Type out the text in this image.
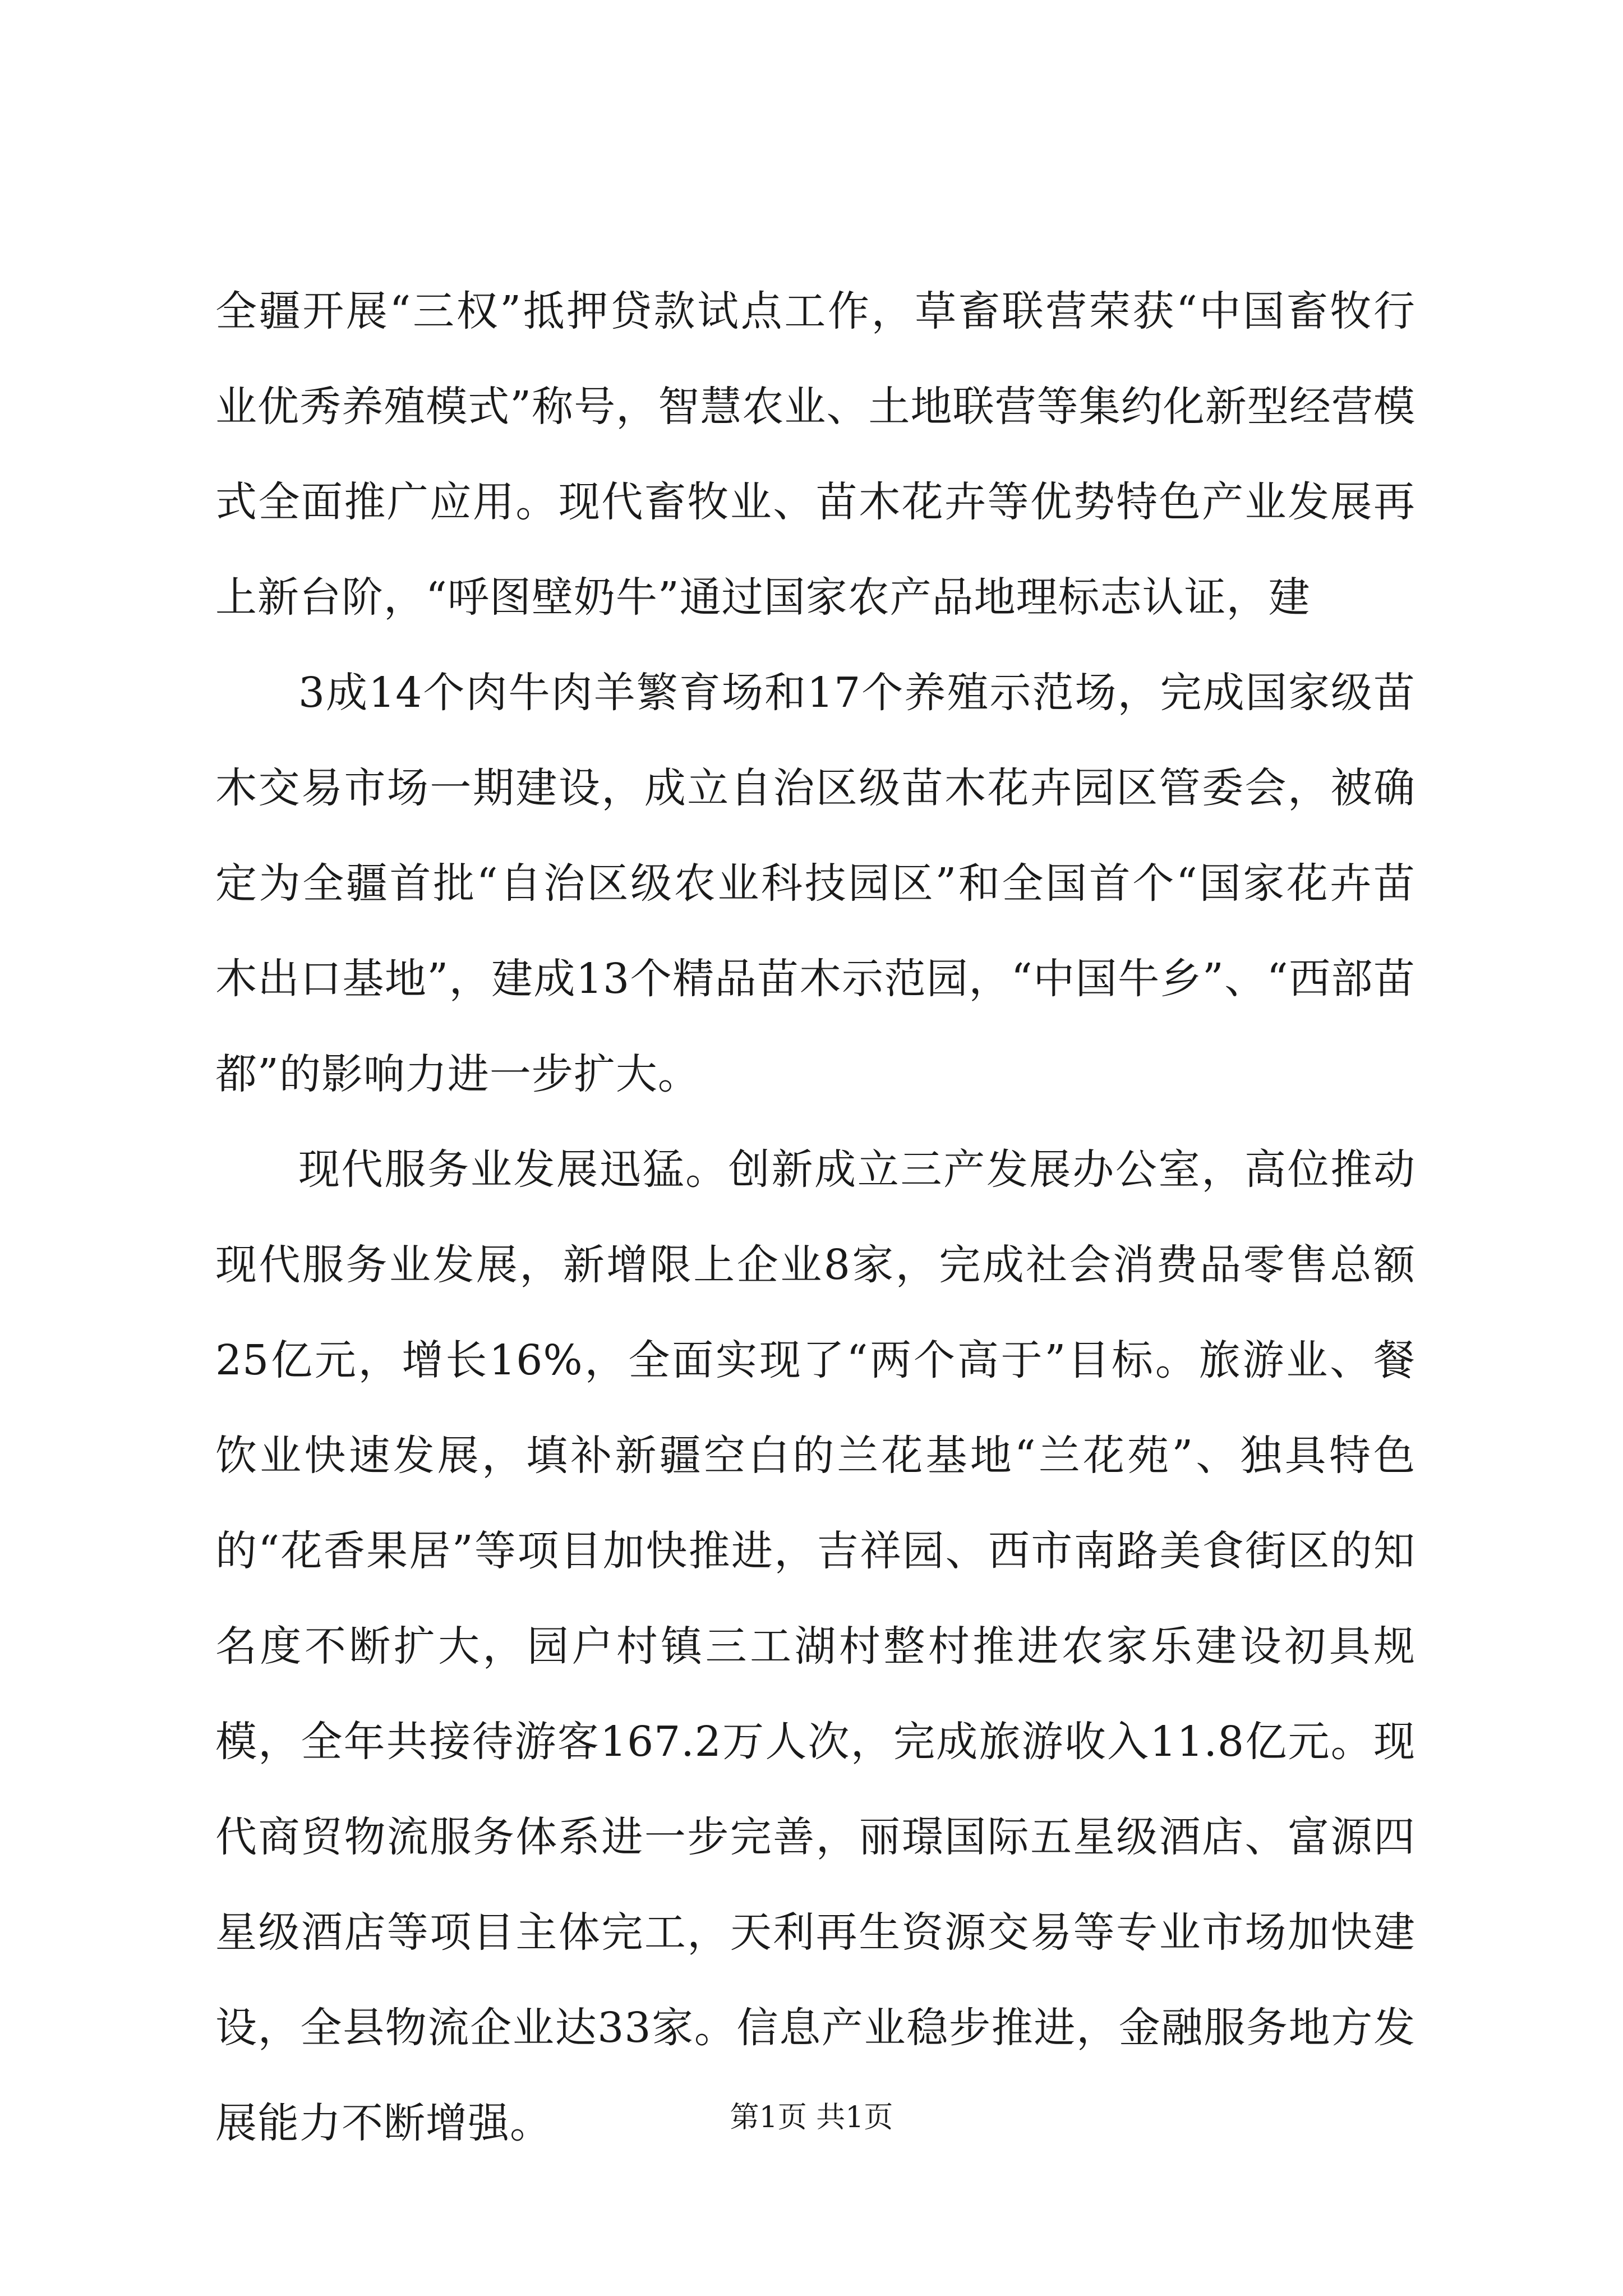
全疆开展“三权”抵押贷款试点工作，草畜联营荣获“中国畜牧行业优秀养殖模式”称号，智慧农业、土地联营等集约化新型经营模式全面推广应用。现代畜牧业、苗木花卉等优势特色产业发展再上新台阶，“呼图壁奶牛”通过国家农产品地理标志认证，建

3成14个肉牛肉羊繁育场和17个养殖示范场，完成国家级苗木交易市场一期建设，成立自治区级苗木花卉园区管委会，被确定为全疆首批“自治区级农业科技园区”和全国首个“国家花卉苗木出口基地”，建成13个精品苗木示范园，“中国牛乡”、“西部苗都”的影响力进一步扩大。

现代服务业发展迅猛。创新成立三产发展办公室，高位推动现代服务业发展，新增限上企业8家，完成社会消费品零售总额25亿元，增长16%，全面实现了“两个高于”目标。旅游业、餐饮业快速发展，填补新疆空白的兰花基地“兰花苑”、独具特色的“花香果居”等项目加快推进，吉祥园、西市南路美食街区的知名度不断扩大，园户村镇三工湖村整村推进农家乐建设初具规模，全年共接待游客167.2万人次，完成旅游收入11.8亿元。现代商贸物流服务体系进一步完善，丽璟国际五星级酒店、富源四星级酒店等项目主体完工，天利再生资源交易等专业市场加快建设，全县物流企业达33家。信息产业稳步推进，金融服务地方发展能力不断增强。	第1页 共1页
